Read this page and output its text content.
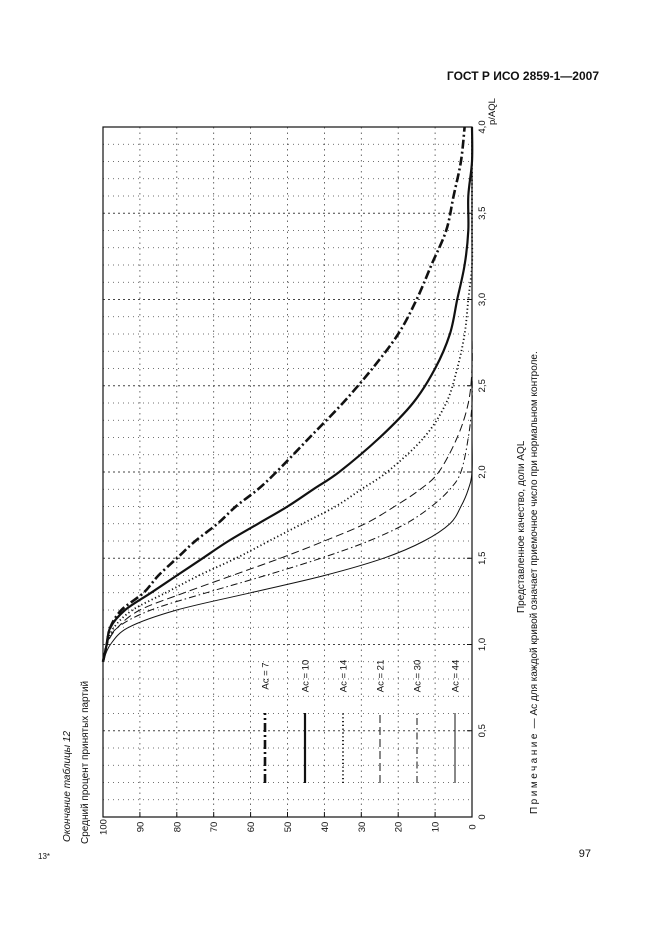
ГОСТ Р ИСО 2859-1—2007
Окончание таблицы 12 Средний процент принятых партий
Представленное качество, доли AQL
Примечание — Ас для каждой кривой означает приемочное число при нормальном контроле.
0
10
20
30
40
50
60
70
80
90
100
0
0,5
1,0
1,5
2,0
2,5
3,0
3,5
4,0
p/AQL
Ac = 7	Ac = 10	Ac = 14	Ac = 21	Ac = 30	Ac = 44
13*	97
